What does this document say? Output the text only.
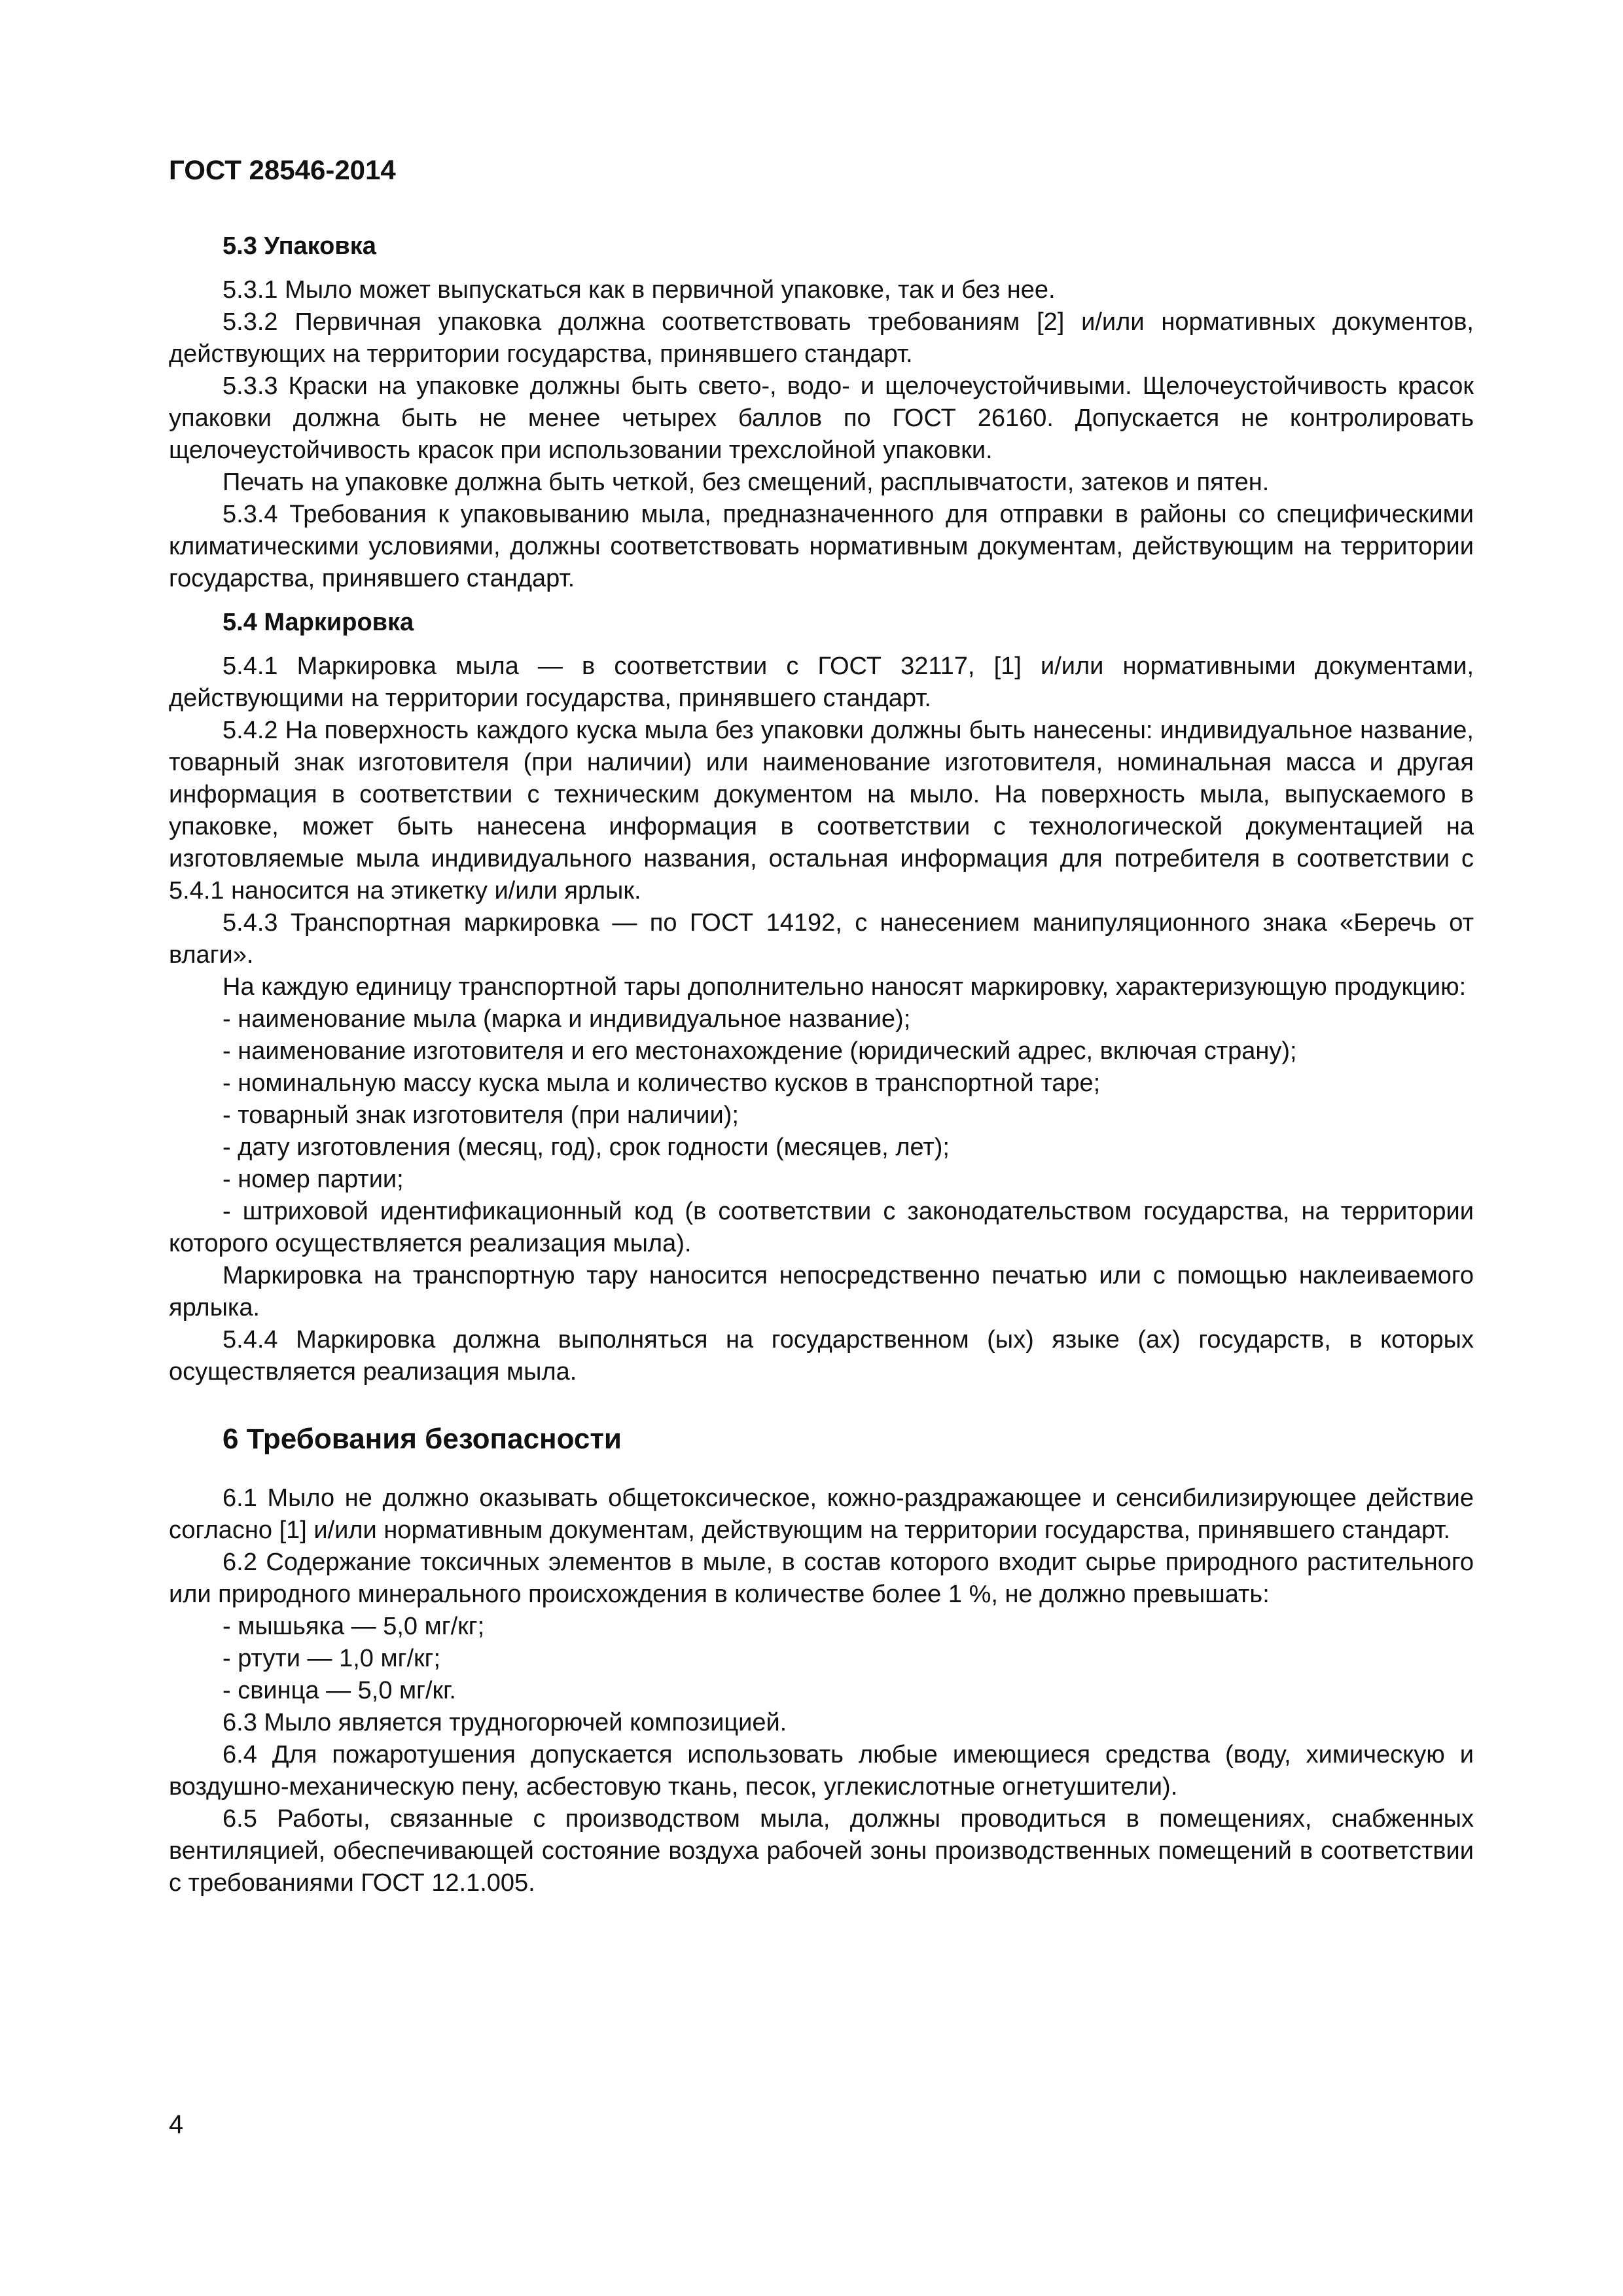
ГОСТ 28546-2014

5.3 Упаковка

5.3.1 Мыло может выпускаться как в первичной упаковке, так и без нее.

5.3.2 Первичная упаковка должна соответствовать требованиям [2] и/или нормативных документов, действующих на территории государства, принявшего стандарт.

5.3.3 Краски на упаковке должны быть свето-, водо- и щелочеустойчивыми. Щелочеустойчивость красок упаковки должна быть не менее четырех баллов по ГОСТ 26160. Допускается не контролировать щелочеустойчивость красок при использовании трехслойной упаковки.

Печать на упаковке должна быть четкой, без смещений, расплывчатости, затеков и пятен.

5.3.4 Требования к упаковыванию мыла, предназначенного для отправки в районы со специфическими климатическими условиями, должны соответствовать нормативным документам, действующим на территории государства, принявшего стандарт.

5.4 Маркировка

5.4.1 Маркировка мыла — в соответствии с ГОСТ 32117, [1] и/или нормативными документами, действующими на территории государства, принявшего стандарт.

5.4.2 На поверхность каждого куска мыла без упаковки должны быть нанесены: индивидуальное название, товарный знак изготовителя (при наличии) или наименование изготовителя, номинальная масса и другая информация в соответствии с техническим документом на мыло. На поверхность мыла, выпускаемого в упаковке, может быть нанесена информация в соответствии с технологической документацией на изготовляемые мыла индивидуального названия, остальная информация для потребителя в соответствии с 5.4.1 наносится на этикетку и/или ярлык.

5.4.3 Транспортная маркировка — по ГОСТ 14192, с нанесением манипуляционного знака «Беречь от влаги».

На каждую единицу транспортной тары дополнительно наносят маркировку, характеризующую продукцию:

- наименование мыла (марка и индивидуальное название);

- наименование изготовителя и его местонахождение (юридический адрес, включая страну);

- номинальную массу куска мыла и количество кусков в транспортной таре;

- товарный знак изготовителя (при наличии);

- дату изготовления (месяц, год), срок годности (месяцев, лет);

- номер партии;

- штриховой идентификационный код (в соответствии с законодательством государства, на территории которого осуществляется реализация мыла).

Маркировка на транспортную тару наносится непосредственно печатью или с помощью наклеиваемого ярлыка.

5.4.4 Маркировка должна выполняться на государственном (ых) языке (ах) государств, в которых осуществляется реализация мыла.

6 Требования безопасности

6.1 Мыло не должно оказывать общетоксическое, кожно-раздражающее и сенсибилизирующее действие согласно [1] и/или нормативным документам, действующим на территории государства, принявшего стандарт.

6.2 Содержание токсичных элементов в мыле, в состав которого входит сырье природного растительного или природного минерального происхождения в количестве более 1 %, не должно превышать:

- мышьяка — 5,0 мг/кг;

- ртути — 1,0 мг/кг;

- свинца — 5,0 мг/кг.

6.3 Мыло является трудногорючей композицией.

6.4 Для пожаротушения допускается использовать любые имеющиеся средства (воду, химическую и воздушно-механическую пену, асбестовую ткань, песок, углекислотные огнетушители).

6.5 Работы, связанные с производством мыла, должны проводиться в помещениях, снабженных вентиляцией, обеспечивающей состояние воздуха рабочей зоны производственных помещений в соответствии с требованиями ГОСТ 12.1.005.

4
